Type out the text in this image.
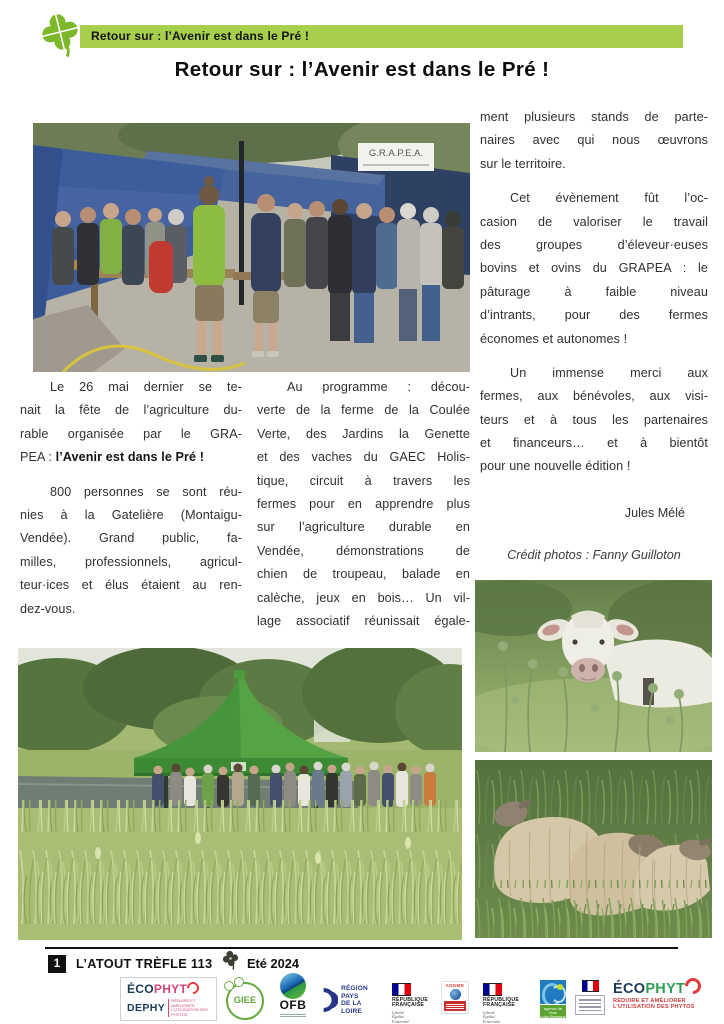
Retour sur : l’Avenir est dans le Pré !
Retour sur : l’Avenir est dans le Pré !
G.R.A.P.E.A.
Le 26 mai dernier se te-
nait la fête de l’agriculture du-
rable organisée par le GRA-
PEA : l’Avenir est dans le Pré !
800 personnes se sont réu-
nies à la Gatelière (Montaigu-
Vendée). Grand public, fa-
milles, professionnels, agricul-
teur·ices et élus étaient au ren-
dez-vous.
Au programme : décou-
verte de la ferme de la Coulée
Verte, des Jardins la Genette
et des vaches du GAEC Holis-
tique, circuit à travers les
fermes pour en apprendre plus
sur l’agriculture durable en
Vendée, démonstrations de
chien de troupeau, balade en
calèche, jeux en bois… Un vil-
lage associatif réunissait égale-
ment plusieurs stands de parte-
naires avec qui nous œuvrons
sur le territoire.
Cet évènement fût l’oc-
casion de valoriser le travail
des groupes d’éleveur·euses
bovins et ovins du GRAPEA : le
pâturage à faible niveau
d’intrants, pour des fermes
économes et autonomes !
Un immense merci aux
fermes, aux bénévoles, aux visi-
teurs et à tous les partenaires
et financeurs… et à bientôt
pour une nouvelle édition !
Jules Mélé
Crédit photos : Fanny Guilloton
1	L’ATOUT TRÈFLE 113	Eté 2024
ÉCOPHYT
DEPHY
RÉDUIRE ET AMÉLIORER L’UTILISATION DES PHYTOS
GIEE	OFB
RÉGION
PAYS
DE LA LOIRE
RÉPUBLIQUE
FRANÇAISE
Liberté
Égalité
Fraternité
ADEME
RÉPUBLIQUE
FRANÇAISE
Liberté
Égalité
Fraternité
agence de l’eau
Loire-Bretagne
ÉCOPHYT
RÉDUIRE ET AMÉLIORER
L’UTILISATION DES PHYTOS
